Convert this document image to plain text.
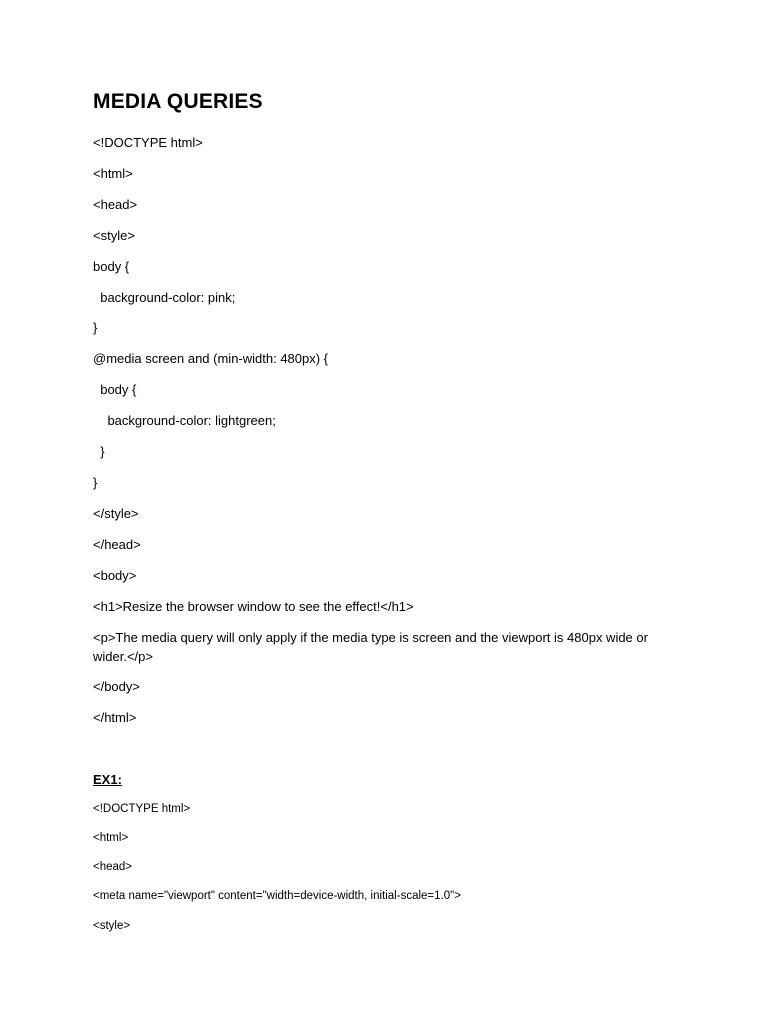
MEDIA QUERIES

<!DOCTYPE html>

<html>

<head>

<style>

body {

background-color: pink;

}

@media screen and (min-width: 480px) {

body {

background-color: lightgreen;

}

}

</style>

</head>

<body>

<h1>Resize the browser window to see the effect!</h1>

<p>The media query will only apply if the media type is screen and the viewport is 480px wide or wider.</p>

</body>

</html>

EX1:

<!DOCTYPE html>

<html>

<head>

<meta name="viewport" content="width=device-width, initial-scale=1.0">

<style>
